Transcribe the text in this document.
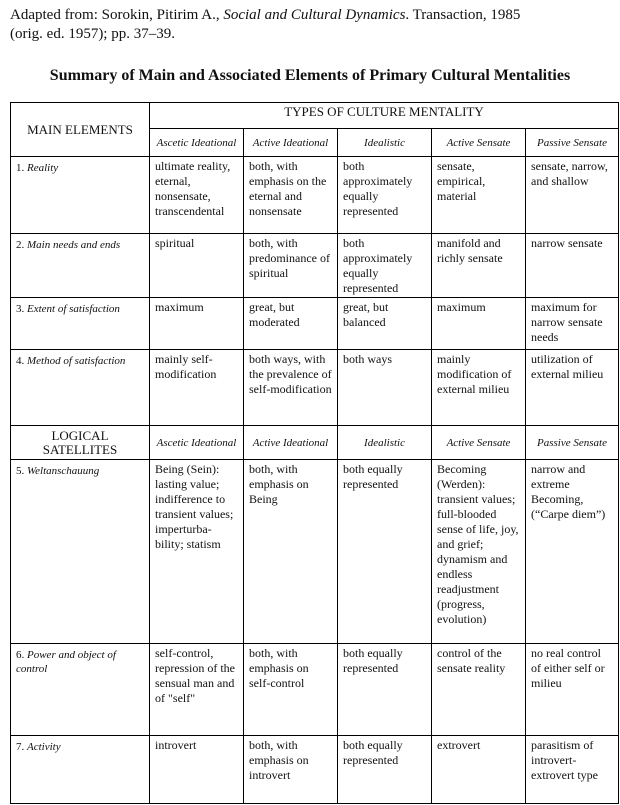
Adapted from: Sorokin, Pitirim A., Social and Cultural Dynamics. Transaction, 1985
(orig. ed. 1957); pp. 37–39.
Summary of Main and Associated Elements of Primary Cultural Mentalities
MAIN ELEMENTS	TYPES OF CULTURE MENTALITY				
	Ascetic Ideational	Active Ideational	Idealistic	Active Sensate	Passive Sensate
1. Reality	ultimate reality, eternal, nonsensate, transcendental	both, with emphasis on the eternal and nonsensate	both approximately equally represented	sensate, empirical, material	sensate, narrow, and shallow
2. Main needs and ends	spiritual	both, with predominance of spiritual	both approximately equally represented	manifold and richly sensate	narrow sensate
3. Extent of satisfaction	maximum	great, but moderated	great, but balanced	maximum	maximum for narrow sensate needs
4. Method of satisfaction	mainly self-modification	both ways, with the prevalence of self-modification	both ways	mainly modification of external milieu	utilization of external milieu
LOGICAL SATELLITES	Ascetic Ideational	Active Ideational	Idealistic	Active Sensate	Passive Sensate
5. Weltanschauung	Being (Sein): lasting value; indifference to transient values; imperturba-bility; statism	both, with emphasis on Being	both equally represented	Becoming (Werden): transient values; full-blooded sense of life, joy, and grief; dynamism and endless readjustment (progress, evolution)	narrow and extreme Becoming, (“Carpe diem”)
6. Power and object of control	self-control, repression of the sensual man and of "self"	both, with emphasis on self-control	both equally represented	control of the sensate reality	no real control of either self or milieu
7. Activity	introvert	both, with emphasis on introvert	both equally represented	extrovert	parasitism of introvert-extrovert type
